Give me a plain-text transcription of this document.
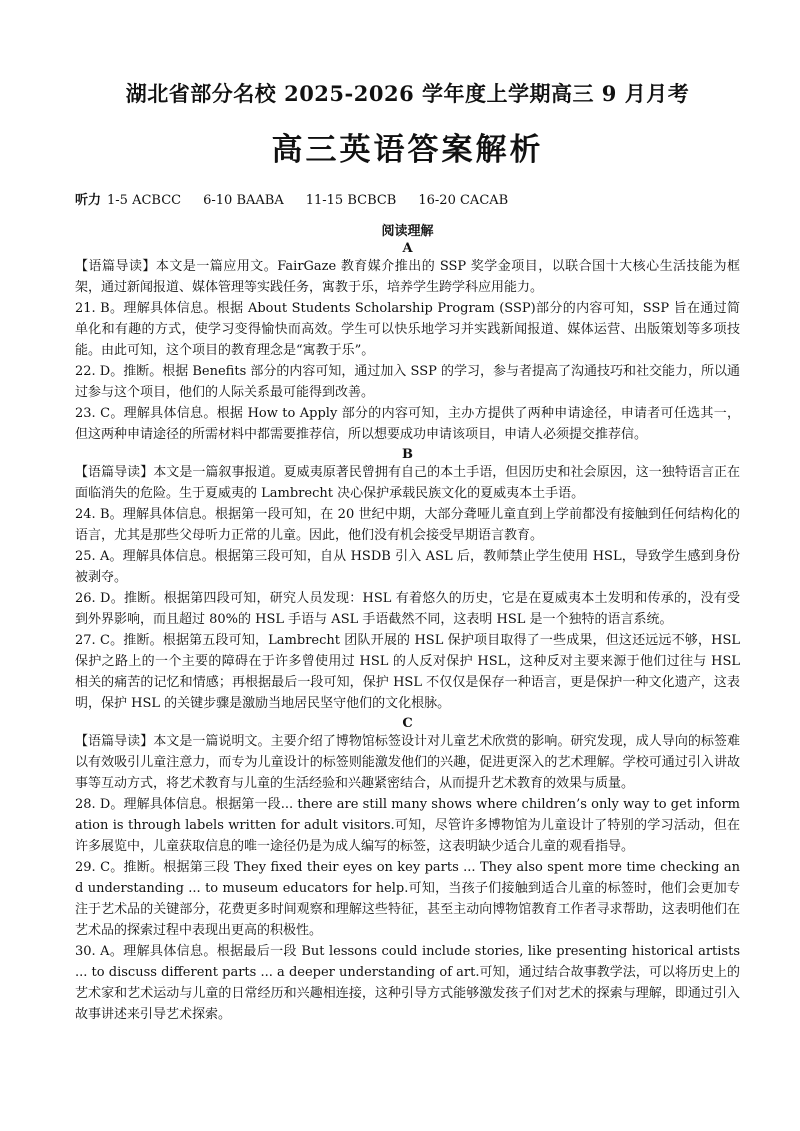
湖北省部分名校 2025-2026 学年度上学期高三 9 月月考
高三英语答案解析
听力 1-5 ACBCC 6-10 BAABA 11-15 BCBCB 16-20 CACAB
阅读理解
A

【语篇导读】本文是一篇应用文。FairGaze 教育媒介推出的 SSP 奖学金项目，以联合国十大核心生活技能为框架，通过新闻报道、媒体管理等实践任务，寓教于乐，培养学生跨学科应用能力。

21. B。理解具体信息。根据 About Students Scholarship Program (SSP)部分的内容可知，SSP 旨在通过简单化和有趣的方式，使学习变得愉快而高效。学生可以快乐地学习并实践新闻报道、媒体运营、出版策划等多项技能。由此可知，这个项目的教育理念是“寓教于乐”。

22. D。推断。根据 Benefits 部分的内容可知，通过加入 SSP 的学习，参与者提高了沟通技巧和社交能力，所以通过参与这个项目，他们的人际关系最可能得到改善。

23. C。理解具体信息。根据 How to Apply 部分的内容可知，主办方提供了两种申请途径，申请者可任选其一，但这两种申请途径的所需材料中都需要推荐信，所以想要成功申请该项目，申请人必须提交推荐信。

B

【语篇导读】本文是一篇叙事报道。夏威夷原著民曾拥有自己的本土手语，但因历史和社会原因，这一独特语言正在面临消失的危险。生于夏威夷的 Lambrecht 决心保护承载民族文化的夏威夷本土手语。

24. B。理解具体信息。根据第一段可知，在 20 世纪中期，大部分聋哑儿童直到上学前都没有接触到任何结构化的语言，尤其是那些父母听力正常的儿童。因此，他们没有机会接受早期语言教育。

25. A。理解具体信息。根据第三段可知，自从 HSDB 引入 ASL 后，教师禁止学生使用 HSL，导致学生感到身份被剥夺。

26. D。推断。根据第四段可知，研究人员发现：HSL 有着悠久的历史，它是在夏威夷本土发明和传承的，没有受到外界影响，而且超过 80%的 HSL 手语与 ASL 手语截然不同，这表明 HSL 是一个独特的语言系统。

27. C。推断。根据第五段可知，Lambrecht 团队开展的 HSL 保护项目取得了一些成果，但这还远远不够，HSL 保护之路上的一个主要的障碍在于许多曾使用过 HSL 的人反对保护 HSL，这种反对主要来源于他们过往与 HSL 相关的痛苦的记忆和情感；再根据最后一段可知，保护 HSL 不仅仅是保存一种语言，更是保护一种文化遗产，这表明，保护 HSL 的关键步骤是激励当地居民坚守他们的文化根脉。

C

【语篇导读】本文是一篇说明文。主要介绍了博物馆标签设计对儿童艺术欣赏的影响。研究发现，成人导向的标签难以有效吸引儿童注意力，而专为儿童设计的标签则能激发他们的兴趣，促进更深入的艺术理解。学校可通过引入讲故事等互动方式，将艺术教育与儿童的生活经验和兴趣紧密结合，从而提升艺术教育的效果与质量。

28. D。理解具体信息。根据第一段... there are still many shows where children’s only way to get information is through labels written for adult visitors.可知，尽管许多博物馆为儿童设计了特别的学习活动，但在许多展览中，儿童获取信息的唯一途径仍是为成人编写的标签，这表明缺少适合儿童的观看指导。

29. C。推断。根据第三段 They fixed their eyes on key parts ... They also spent more time checking and understanding ... to museum educators for help.可知，当孩子们接触到适合儿童的标签时，他们会更加专注于艺术品的关键部分，花费更多时间观察和理解这些特征，甚至主动向博物馆教育工作者寻求帮助，这表明他们在艺术品的探索过程中表现出更高的积极性。

30. A。理解具体信息。根据最后一段 But lessons could include stories, like presenting historical artists ... to discuss different parts ... a deeper understanding of art.可知，通过结合故事教学法，可以将历史上的艺术家和艺术运动与儿童的日常经历和兴趣相连接，这种引导方式能够激发孩子们对艺术的探索与理解，即通过引入故事讲述来引导艺术探索。
